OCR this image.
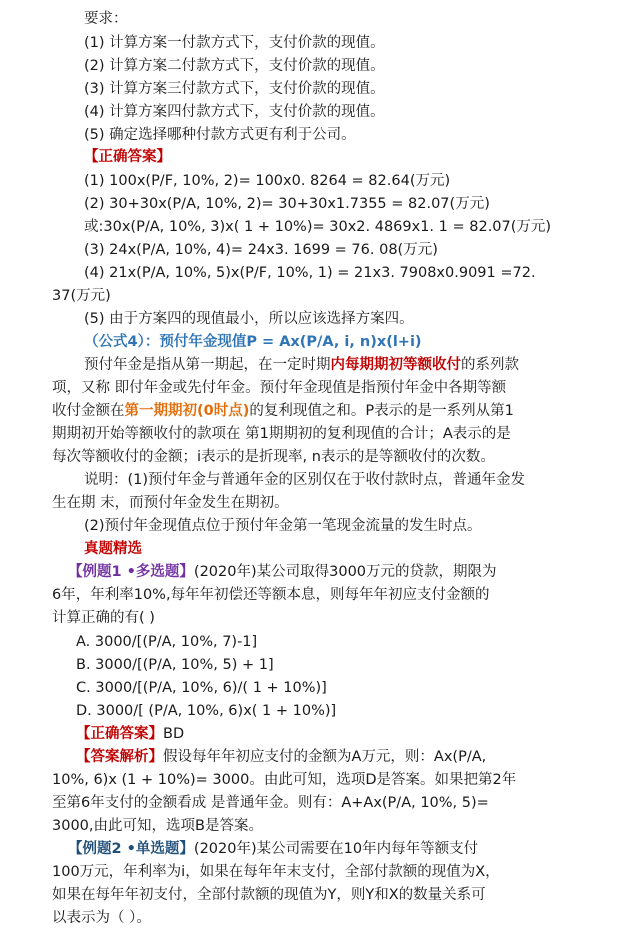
要求：
(1) 计算方案一付款方式下，支付价款的现值。
(2) 计算方案二付款方式下，支付价款的现值。
(3) 计算方案三付款方式下，支付价款的现值。
(4) 计算方案四付款方式下，支付价款的现值。
(5) 确定选择哪种付款方式更有利于公司。
【正确答案】
(1) 100x(P/F, 10%, 2)= 100x0. 8264 = 82.64(万元)
(2) 30+30x(P/A, 10%, 2)= 30+30x1.7355 = 82.07(万元)
或:30x(P/A, 10%, 3)x( 1 + 10%)= 30x2. 4869x1. 1 = 82.07(万元)
(3) 24x(P/A, 10%, 4)= 24x3. 1699 = 76. 08(万元)
(4) 21x(P/A, 10%, 5)x(P/F, 10%, 1) = 21x3. 7908x0.9091 =72.
37(万元)
(5) 由于方案四的现值最小，所以应该选择方案四。
（公式4）：预付年金现值P = Ax(P/A, i, n)x(l+i)
预付年金是指从第一期起，在一定时期内每期期初等额收付的系列款
项，又称 即付年金或先付年金。预付年金现值是指预付年金中各期等额
收付金额在第一期期初(0时点)的复利现值之和。P表示的是一系列从第1
期期初开始等额收付的款项在 第1期期初的复利现值的合计；A表示的是
每次等额收付的金额；i表示的是折现率, n表示的是等额收付的次数。
说明：(1)预付年金与普通年金的区别仅在于收付款时点，普通年金发
生在期 末，而预付年金发生在期初。
(2)预付年金现值点位于预付年金第一笔现金流量的发生时点。
真题精选
【例题1 •多选题】(2020年)某公司取得3000万元的贷款，期限为
6年，年利率10%,每年年初偿还等额本息，则每年年初应支付金额的
计算正确的有( )
A. 3000/[(P/A, 10%, 7)-1]
B. 3000/[(P/A, 10%, 5) + 1]
C. 3000/[(P/A, 10%, 6)/( 1 + 10%)]
D. 3000/[ (P/A, 10%, 6)x( 1 + 10%)]
【正确答案】BD
【答案解析】假设每年年初应支付的金额为A万元，则：Ax(P/A,
10%, 6)x (1 + 10%)= 3000。由此可知，选项D是答案。如果把第2年
至第6年支付的金额看成 是普通年金。则有：A+Ax(P/A, 10%, 5)=
3000,由此可知，选项B是答案。
【例题2 •单选题】(2020年)某公司需要在10年内每年等额支付
100万元，年利率为i，如果在每年年末支付，全部付款额的现值为X，
如果在每年年初支付，全部付款额的现值为Y，则Y和X的数量关系可
以表示为（ ）。
